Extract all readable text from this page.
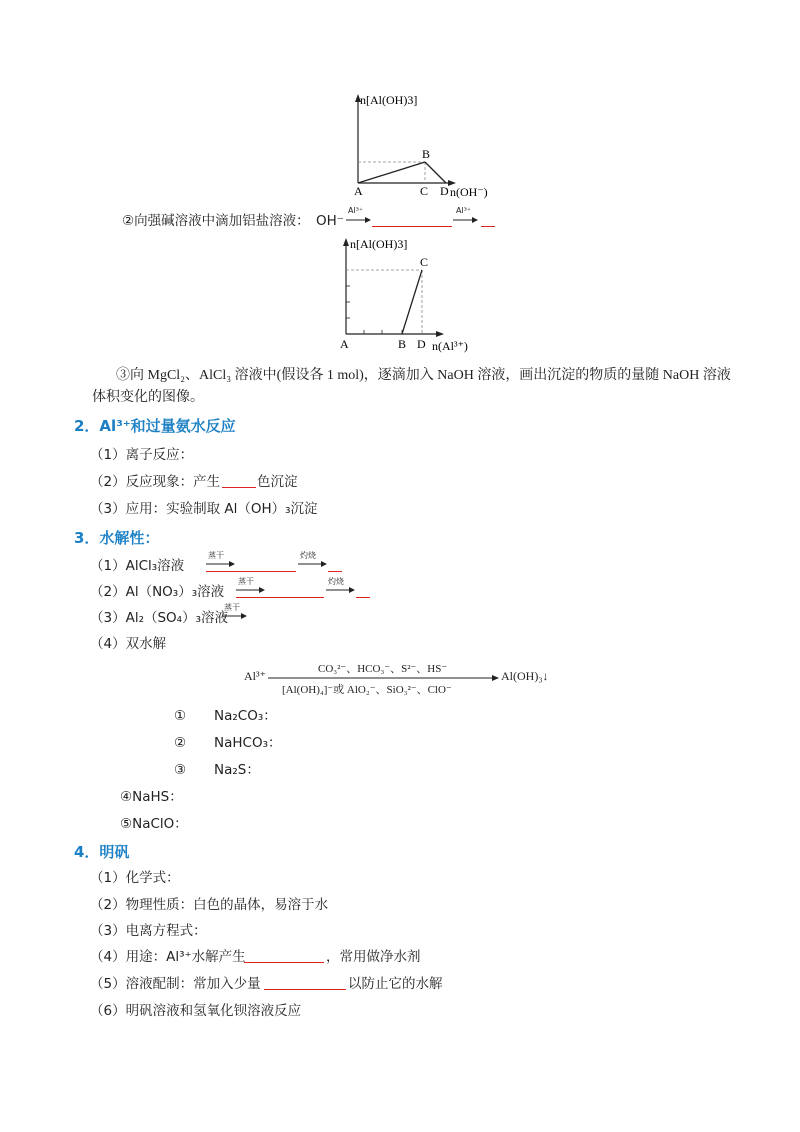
n[Al(OH)3]
n(OH⁻)
A
B
C D
②向强碱溶液中滴加铝盐溶液： OH⁻
Al³⁺	Al³⁺
n[Al(OH)3]
n(Al³⁺)
A	B
C
D
③向 MgCl₂、AlCl₃ 溶液中(假设各 1 mol)，逐滴加入 NaOH 溶液，画出沉淀的物质的量随 NaOH 溶液
体积变化的图像。
2．Al³⁺和过量氨水反应
（1）离子反应：
（2）反应现象：产生	色沉淀
（3）应用：实验制取 Al（OH）₃沉淀
3．水解性：
（1）AlCl₃溶液
蒸干	灼烧
（2）Al（NO₃）₃溶液
蒸干	灼烧
（3）Al₂（SO₄）₃溶液
蒸干
（4）双水解
Al³⁺	CO₃²⁻、HCO₃⁻、S²⁻、HS⁻
[Al(OH)₄]⁻或 AlO₂⁻、SiO₃²⁻、ClO⁻
Al(OH)₃↓
① Na₂CO₃：
② NaHCO₃：
③ Na₂S：
④NaHS：
⑤NaClO：
4．明矾
（1）化学式：
（2）物理性质：白色的晶体，易溶于水
（3）电离方程式：
（4）用途：Al³⁺水解产生	，常用做净水剂
（5）溶液配制：常加入少量	以防止它的水解
（6）明矾溶液和氢氧化钡溶液反应
